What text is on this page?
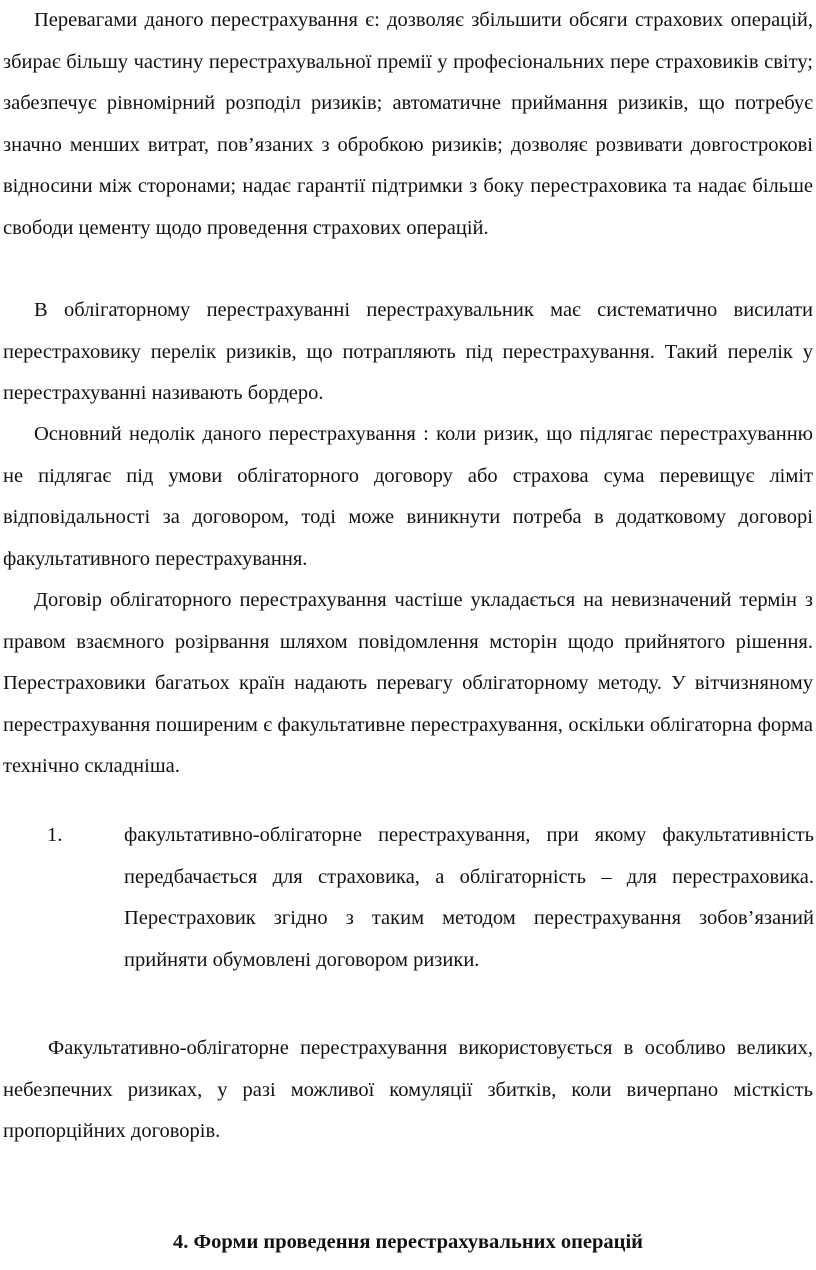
Перевагами даного перестрахування є: дозволяє збільшити обсяги страхових операцій, збирає більшу частину перестрахувальної премії у професіональних пере страховиків світу; забезпечує рівномірний розподіл ризиків; автоматичне приймання ризиків, що потребує значно менших витрат, пов’язаних з обробкою ризиків; дозволяє розвивати довгострокові відносини між сторонами; надає гарантії підтримки з боку перестраховика та надає більше свободи цементу щодо проведення страхових операцій.

В облігаторному перестрахуванні перестрахувальник має систематично висилати перестраховику перелік ризиків, що потрапляють під перестрахування. Такий перелік у перестрахуванні називають бордеро.

Основний недолік даного перестрахування : коли ризик, що підлягає перестрахуванню не підлягає під умови облігаторного договору або страхова сума перевищує ліміт відповідальності за договором, тоді може виникнути потреба в додатковому договорі факультативного перестрахування.

Договір облігаторного перестрахування частіше укладається на невизначений термін з правом взаємного розірвання шляхом повідомлення мсторін щодо прийнятого рішення. Перестраховики багатьох країн надають перевагу облігаторному методу. У вітчизняному перестрахування поширеним є факультативне перестрахування, оскільки облігаторна форма технічно складніша.

1.	факультативно-облігаторне перестрахування, при якому факультативність передбачається для страховика, а облігаторність – для перестраховика. Перестраховик згідно з таким методом перестрахування зобов’язаний прийняти обумовлені договором ризики.

Факультативно-облігаторне перестрахування використовується в особливо великих, небезпечних ризиках, у разі можливої комуляції збитків, коли вичерпано місткість пропорційних договорів.

4. Форми проведення перестрахувальних операцій
